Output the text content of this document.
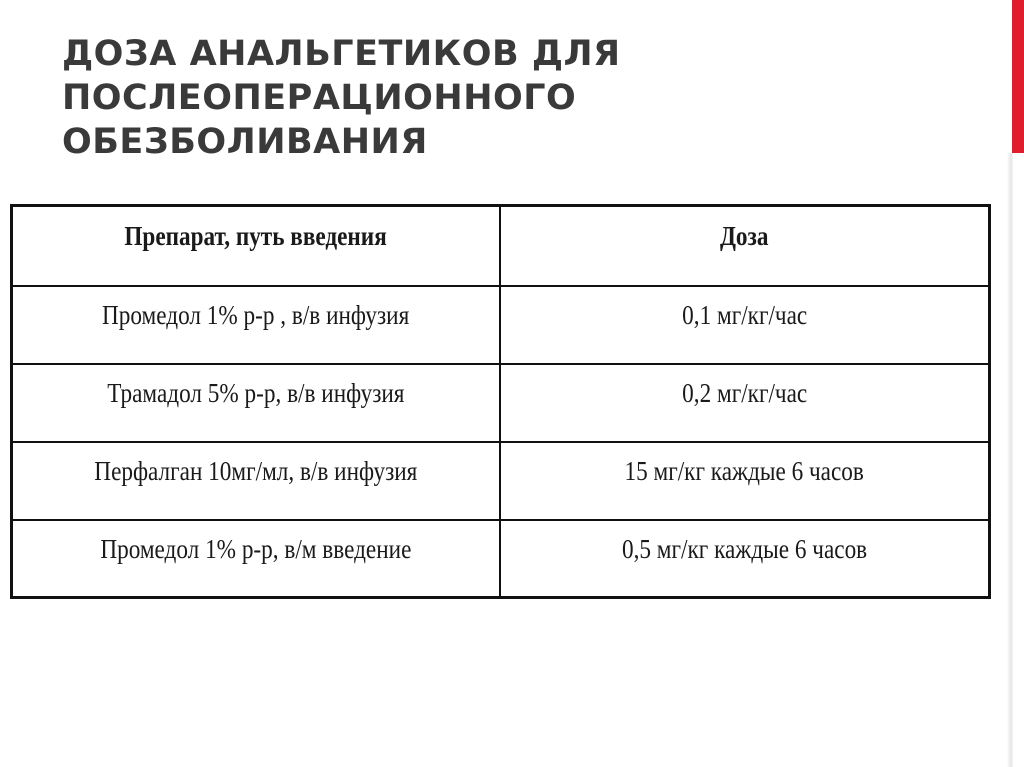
ДОЗА АНАЛЬГЕТИКОВ ДЛЯ
ПОСЛЕОПЕРАЦИОННОГО
ОБЕЗБОЛИВАНИЯ
Препарат, путь введения	Доза
Промедол 1% р-р , в/в инфузия	0,1 мг/кг/час
Трамадол 5% р-р, в/в инфузия	0,2 мг/кг/час
Перфалган 10мг/мл, в/в инфузия	15 мг/кг каждые 6 часов
Промедол 1% р-р, в/м введение	0,5 мг/кг каждые 6 часов
